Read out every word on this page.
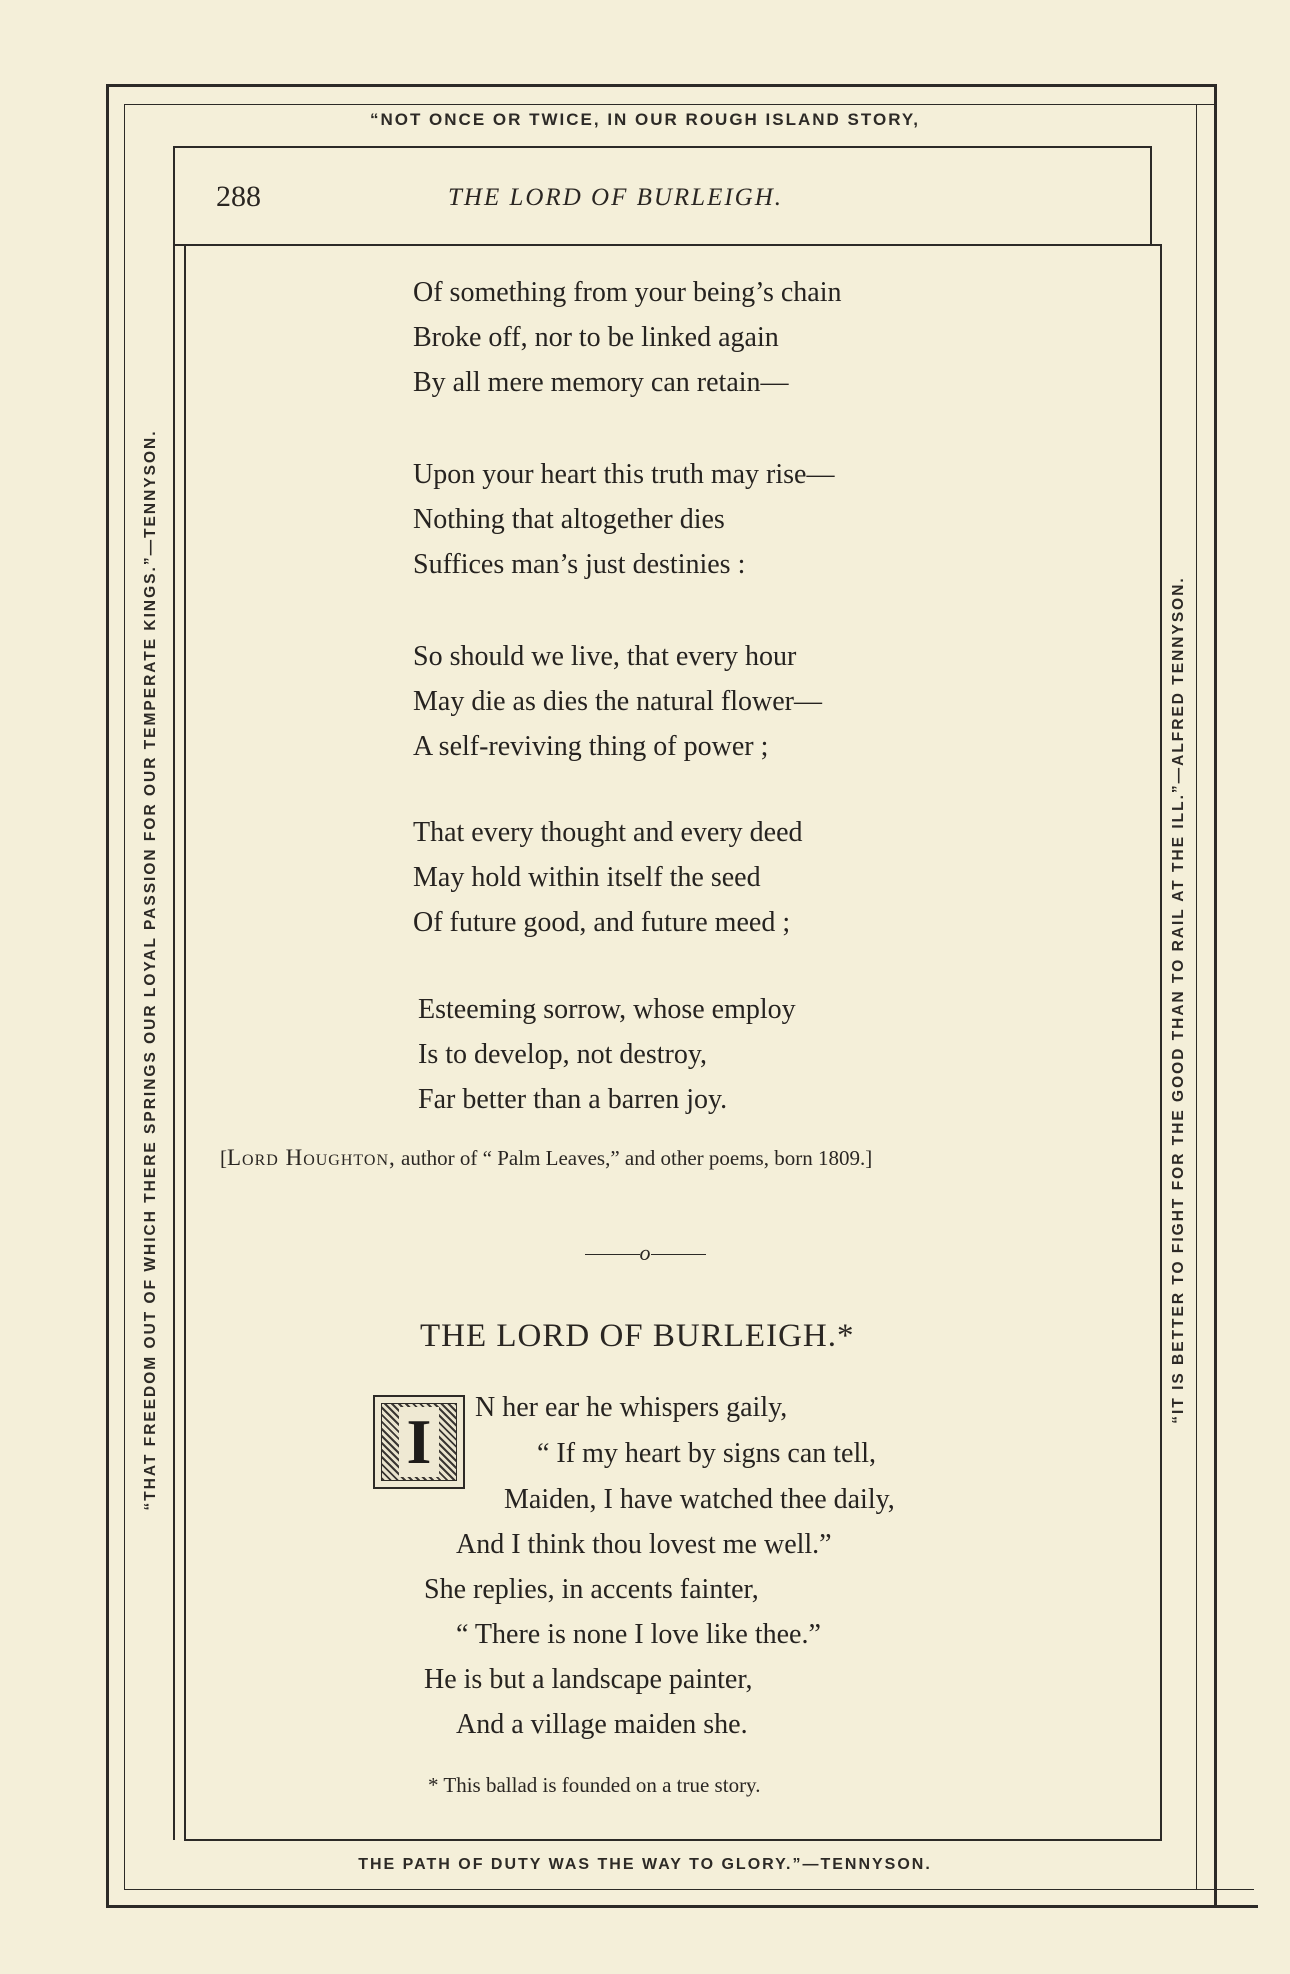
“NOT ONCE OR TWICE, IN OUR ROUGH ISLAND STORY,
THE PATH OF DUTY WAS THE WAY TO GLORY.”—TENNYSON.
“THAT FREEDOM OUT OF WHICH THERE SPRINGS OUR LOYAL PASSION FOR OUR TEMPERATE KINGS.”—TENNYSON.	“IT IS BETTER TO FIGHT FOR THE GOOD THAN TO RAIL AT THE ILL.”—ALFRED TENNYSON.
288	THE LORD OF BURLEIGH.
Of something from your being’s chain
Broke off, nor to be linked again
By all mere memory can retain—
Upon your heart this truth may rise—
Nothing that altogether dies
Suffices man’s just destinies :
So should we live, that every hour
May die as dies the natural flower—
A self-reviving thing of power ;
That every thought and every deed
May hold within itself the seed
Of future good, and future meed ;
Esteeming sorrow, whose employ
Is to develop, not destroy,
Far better than a barren joy.
[Lord Houghton, author of “ Palm Leaves,” and other poems, born 1809.]
o
THE LORD OF BURLEIGH.*
I N her ear he whispers gaily,
“ If my heart by signs can tell,
Maiden, I have watched thee daily,
And I think thou lovest me well.”
She replies, in accents fainter,
“ There is none I love like thee.”
He is but a landscape painter,
And a village maiden she.
* This ballad is founded on a true story.
